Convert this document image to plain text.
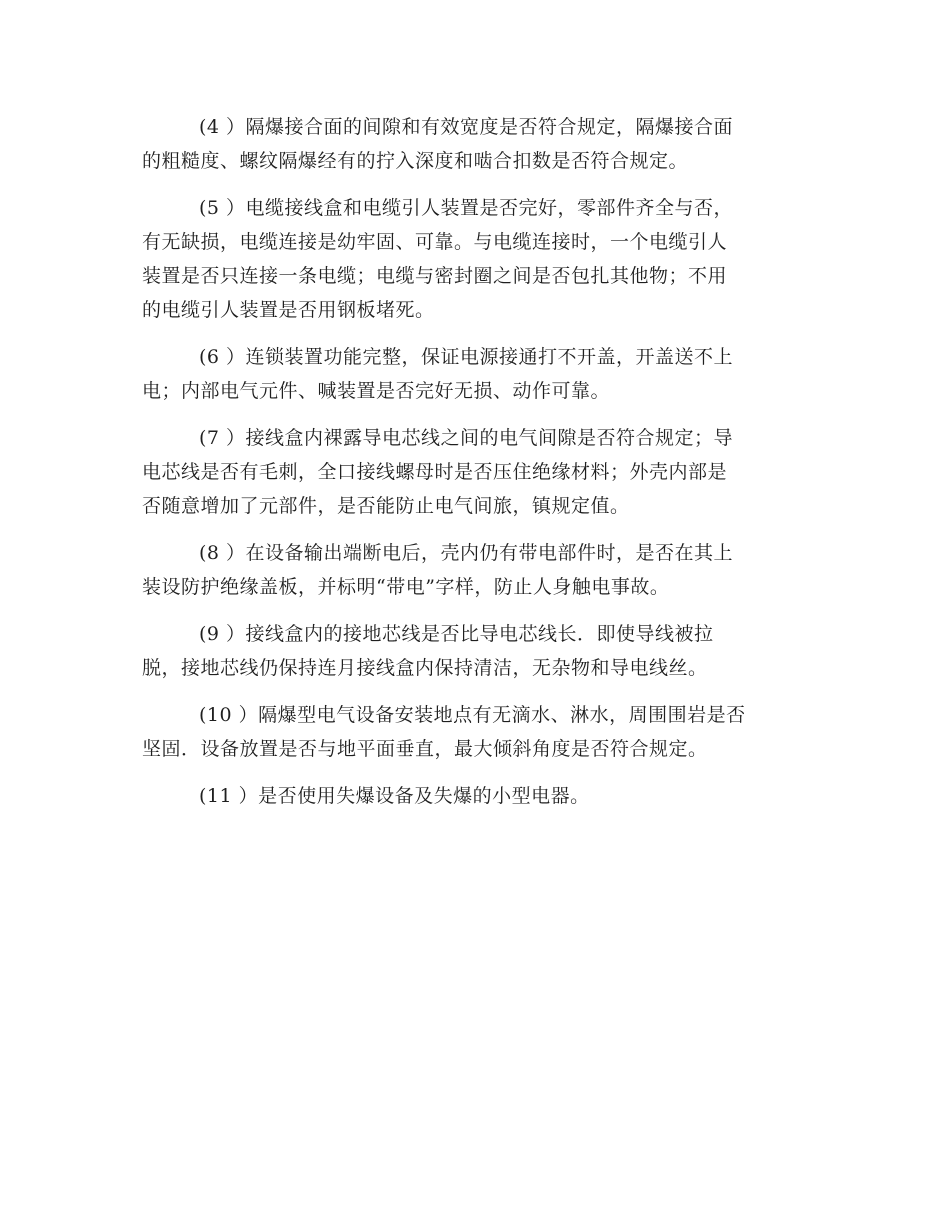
(4 ）隔爆接合面的间隙和有效宽度是否符合规定，隔爆接合面
的粗糙度、螺纹隔爆经有的拧入深度和啮合扣数是否符合规定。

(5 ）电缆接线盒和电缆引人装置是否完好，零部件齐全与否，
有无缺损，电缆连接是幼牢固、可靠。与电缆连接时，一个电缆引人
装置是否只连接一条电缆；电缆与密封圈之间是否包扎其他物；不用
的电缆引人装置是否用钢板堵死。

(6 ）连锁装置功能完整，保证电源接通打不开盖，开盖送不上
电；内部电气元件、喊装置是否完好无损、动作可靠。

(7 ）接线盒内裸露导电芯线之间的电气间隙是否符合规定；导
电芯线是否有毛刺，全口接线螺母时是否压住绝缘材料；外壳内部是
否随意增加了元部件，是否能防止电气间旅，镇规定值。

(8 ）在设备输出端断电后，壳内仍有带电部件时，是否在其上
装设防护绝缘盖板，并标明“带电”字样，防止人身触电事故。

(9 ）接线盒内的接地芯线是否比导电芯线长．即使导线被拉
脱，接地芯线仍保持连月接线盒内保持清洁，无杂物和导电线丝。

(10 ）隔爆型电气设备安装地点有无滴水、淋水，周围围岩是否
坚固．设备放置是否与地平面垂直，最大倾斜角度是否符合规定。

(11 ）是否使用失爆设备及失爆的小型电器。
